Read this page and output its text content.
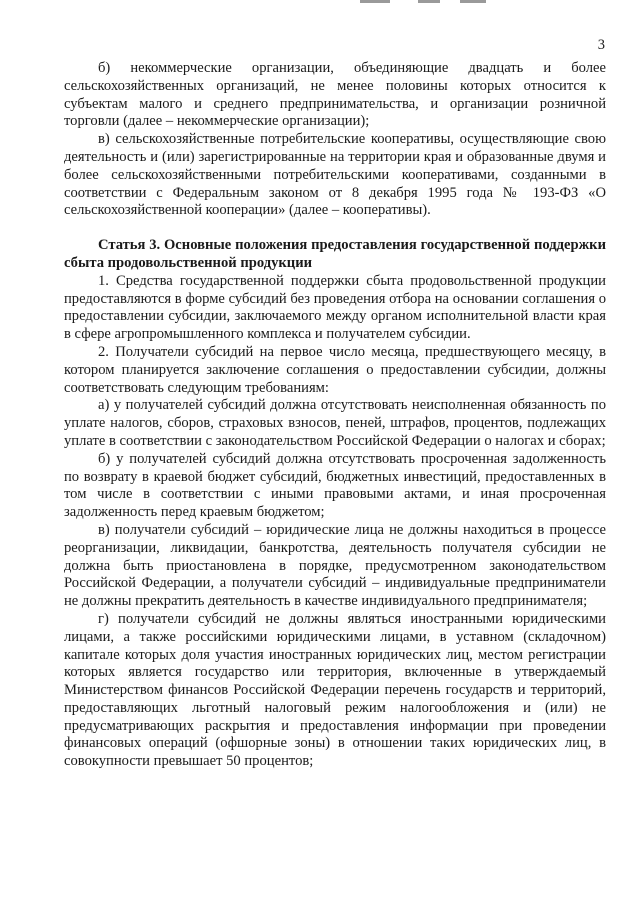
3

б) некоммерческие организации, объединяющие двадцать и более сельскохозяйственных организаций, не менее половины которых относится к субъектам малого и среднего предпринимательства, и организации розничной торговли (далее – некоммерческие организации);

в) сельскохозяйственные потребительские кооперативы, осуществляющие свою деятельность и (или) зарегистрированные на территории края и образованные двумя и более сельскохозяйственными потребительскими кооперативами, созданными в соответствии с Федеральным законом от 8 декабря 1995 года № 193-ФЗ «О сельскохозяйственной кооперации» (далее – кооперативы).

Статья 3. Основные положения предоставления государственной поддержки сбыта продовольственной продукции

1. Средства государственной поддержки сбыта продовольственной продукции предоставляются в форме субсидий без проведения отбора на основании соглашения о предоставлении субсидии, заключаемого между органом исполнительной власти края в сфере агропромышленного комплекса и получателем субсидии.

2. Получатели субсидий на первое число месяца, предшествующего месяцу, в котором планируется заключение соглашения о предоставлении субсидии, должны соответствовать следующим требованиям:

а) у получателей субсидий должна отсутствовать неисполненная обязанность по уплате налогов, сборов, страховых взносов, пеней, штрафов, процентов, подлежащих уплате в соответствии с законодательством Российской Федерации о налогах и сборах;

б) у получателей субсидий должна отсутствовать просроченная задолженность по возврату в краевой бюджет субсидий, бюджетных инвестиций, предоставленных в том числе в соответствии с иными правовыми актами, и иная просроченная задолженность перед краевым бюджетом;

в) получатели субсидий – юридические лица не должны находиться в процессе реорганизации, ликвидации, банкротства, деятельность получателя субсидии не должна быть приостановлена в порядке, предусмотренном законодательством Российской Федерации, а получатели субсидий – индивидуальные предприниматели не должны прекратить деятельность в качестве индивидуального предпринимателя;

г) получатели субсидий не должны являться иностранными юридическими лицами, а также российскими юридическими лицами, в уставном (складочном) капитале которых доля участия иностранных юридических лиц, местом регистрации которых является государство или территория, включенные в утверждаемый Министерством финансов Российской Федерации перечень государств и территорий, предоставляющих льготный налоговый режим налогообложения и (или) не предусматривающих раскрытия и предоставления информации при проведении финансовых операций (офшорные зоны) в отношении таких юридических лиц, в совокупности превышает 50 процентов;
